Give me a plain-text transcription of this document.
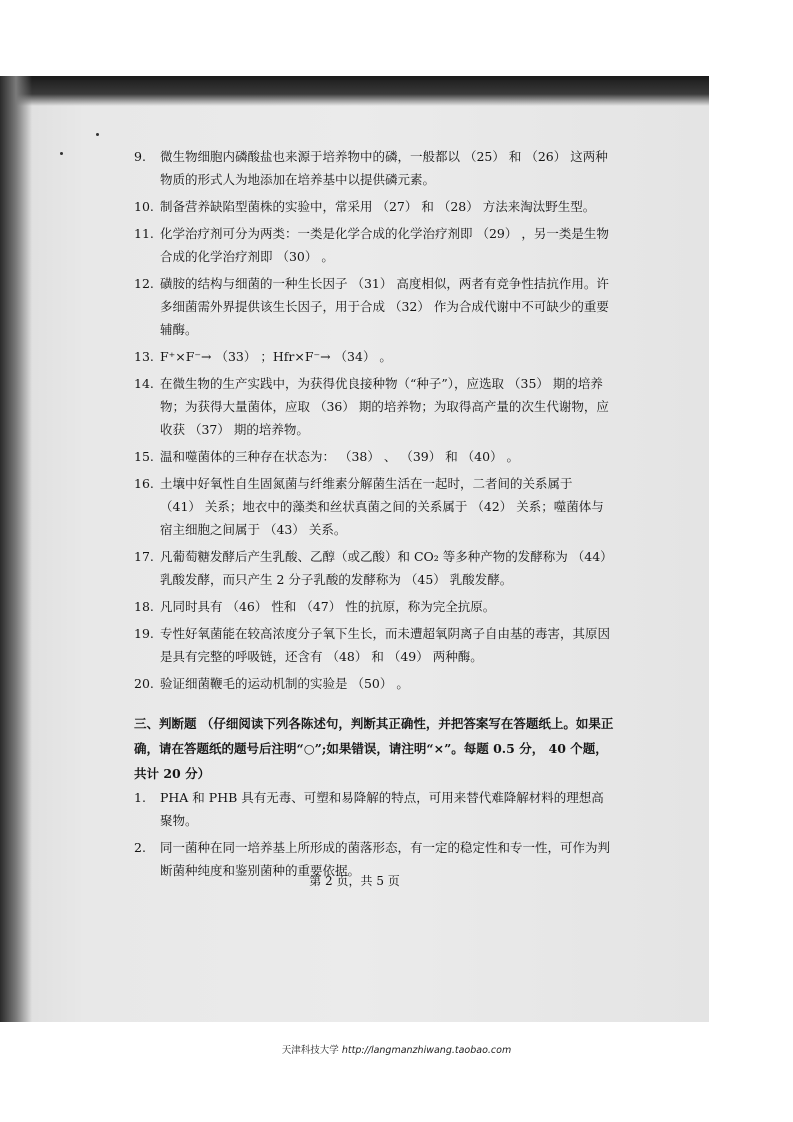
9.	微生物细胞内磷酸盐也来源于培养物中的磷，一般都以 （25） 和 （26） 这两种物质的形式人为地添加在培养基中以提供磷元素。
10. 制备营养缺陷型菌株的实验中，常采用 （27） 和 （28） 方法来淘汰野生型。
11. 化学治疗剂可分为两类：一类是化学合成的化学治疗剂即 （29） ，另一类是生物合成的化学治疗剂即 （30） 。
12. 磺胺的结构与细菌的一种生长因子 （31） 高度相似，两者有竞争性拮抗作用。许多细菌需外界提供该生长因子，用于合成 （32） 作为合成代谢中不可缺少的重要辅酶。
13. F⁺×F⁻→ （33） ；Hfr×F⁻→ （34） 。
14. 在微生物的生产实践中，为获得优良接种物（“种子”），应选取 （35） 期的培养物；为获得大量菌体，应取 （36） 期的培养物；为取得高产量的次生代谢物，应收获 （37） 期的培养物。
15. 温和噬菌体的三种存在状态为： （38） 、 （39） 和 （40） 。
16. 土壤中好氧性自生固氮菌与纤维素分解菌生活在一起时，二者间的关系属于 （41） 关系；地衣中的藻类和丝状真菌之间的关系属于 （42） 关系；噬菌体与宿主细胞之间属于 （43） 关系。
17. 凡葡萄糖发酵后产生乳酸、乙醇（或乙酸）和 CO₂ 等多种产物的发酵称为 （44） 乳酸发酵，而只产生 2 分子乳酸的发酵称为 （45） 乳酸发酵。
18. 凡同时具有 （46） 性和 （47） 性的抗原，称为完全抗原。
19. 专性好氧菌能在较高浓度分子氧下生长，而未遭超氧阴离子自由基的毒害，其原因是具有完整的呼吸链，还含有 （48） 和 （49） 两种酶。
20. 验证细菌鞭毛的运动机制的实验是 （50） 。
三、判断题 （仔细阅读下列各陈述句，判断其正确性，并把答案写在答题纸上。如果正确，请在答题纸的题号后注明“○”;如果错误，请注明“×”。每题 0.5 分， 40 个题，共计 20 分）
1.	PHA 和 PHB 具有无毒、可塑和易降解的特点，可用来替代难降解材料的理想高聚物。
2.	同一菌种在同一培养基上所形成的菌落形态，有一定的稳定性和专一性，可作为判断菌种纯度和鉴别菌种的重要依据。
第 2 页，共 5 页
天津科技大学 http://langmanzhiwang.taobao.com
